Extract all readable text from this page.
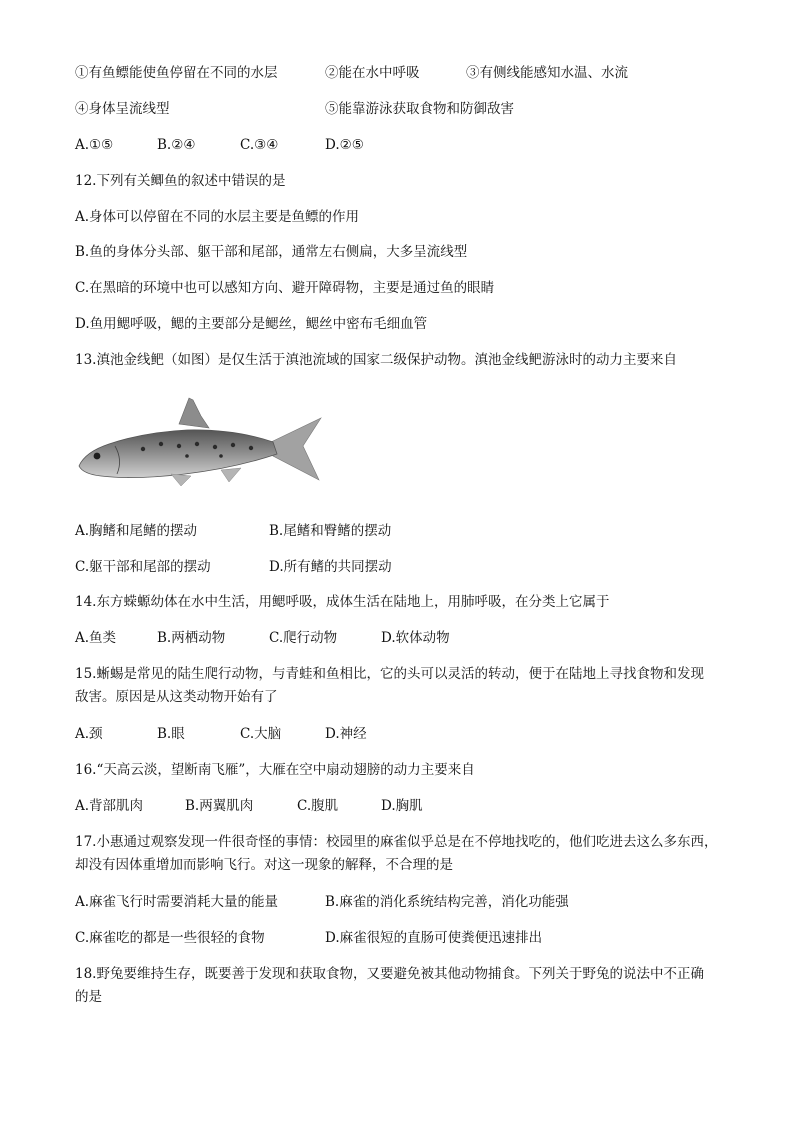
①有鱼鳔能使鱼停留在不同的水层	②能在水中呼吸	③有侧线能感知水温、水流
④身体呈流线型	⑤能靠游泳获取食物和防御敌害
A.①⑤	B.②④	C.③④	D.②⑤
12.下列有关鲫鱼的叙述中错误的是
A.身体可以停留在不同的水层主要是鱼鳔的作用
B.鱼的身体分头部、躯干部和尾部，通常左右侧扁，大多呈流线型
C.在黑暗的环境中也可以感知方向、避开障碍物，主要是通过鱼的眼睛
D.鱼用鳃呼吸，鳃的主要部分是鳃丝，鳃丝中密布毛细血管
13.滇池金线鲃（如图）是仅生活于滇池流域的国家二级保护动物。滇池金线鲃游泳时的动力主要来自
A.胸鳍和尾鳍的摆动	B.尾鳍和臀鳍的摆动
C.躯干部和尾部的摆动	D.所有鳍的共同摆动
14.东方蝾螈幼体在水中生活，用鳃呼吸，成体生活在陆地上，用肺呼吸，在分类上它属于
A.鱼类	B.两栖动物	C.爬行动物	D.软体动物
15.蜥蜴是常见的陆生爬行动物，与青蛙和鱼相比，它的头可以灵活的转动，便于在陆地上寻找食物和发现
敌害。原因是从这类动物开始有了
A.颈	B.眼	C.大脑	D.神经
16.“天高云淡，望断南飞雁”，大雁在空中扇动翅膀的动力主要来自
A.背部肌肉	B.两翼肌肉	C.腹肌	D.胸肌
17.小惠通过观察发现一件很奇怪的事情：校园里的麻雀似乎总是在不停地找吃的，他们吃进去这么多东西，
却没有因体重增加而影响飞行。对这一现象的解释，不合理的是
A.麻雀飞行时需要消耗大量的能量	B.麻雀的消化系统结构完善，消化功能强
C.麻雀吃的都是一些很轻的食物	D.麻雀很短的直肠可使粪便迅速排出
18.野兔要维持生存，既要善于发现和获取食物，又要避免被其他动物捕食。下列关于野兔的说法中不正确
的是
